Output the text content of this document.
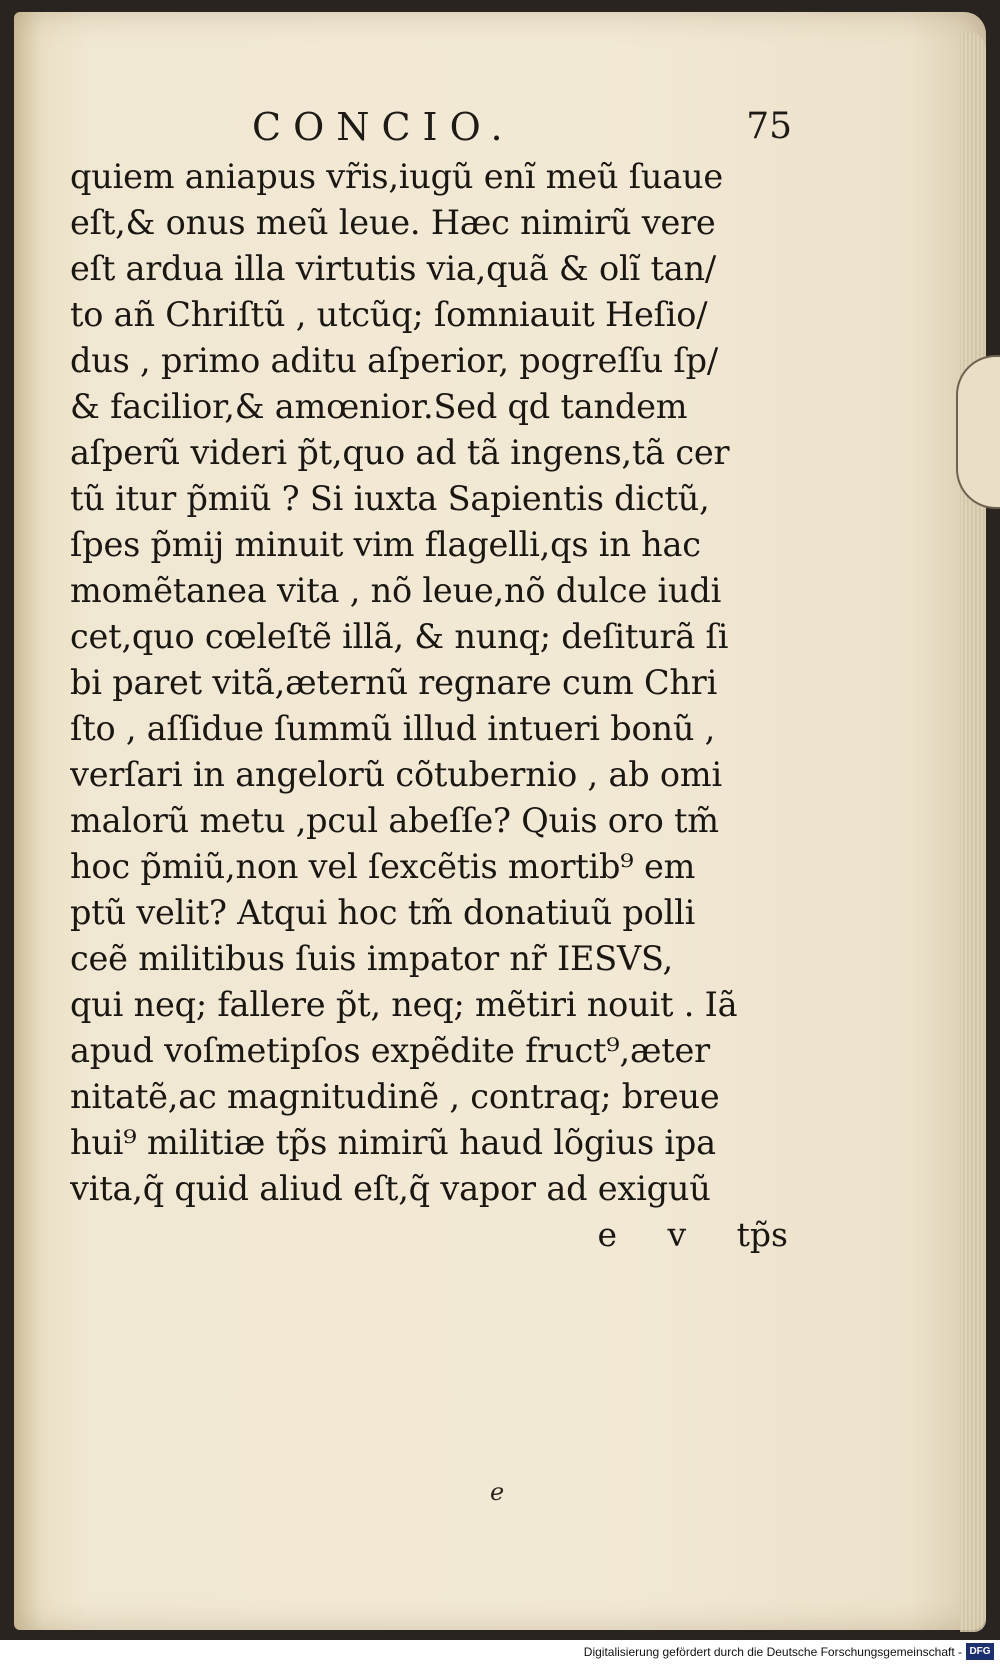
CONCIO.	75
quiem aniapus vr̃is,iugũ enĩ meũ ſuaue
eſt,& onus meũ leue. Hæc nimirũ vere
eſt ardua illa virtutis via,quã & olĩ tan/
to añ Chriſtũ , utcũq; ſomniauit Heſio/
dus , primo aditu aſperior, pogreſſu ſp/
& facilior,& amœnior.Sed qd tandem
aſperũ videri p̃t,quo ad tã ingens,tã cer
tũ itur p̃miũ ? Si iuxta Sapientis dictũ,
ſpes p̃mij minuit vim flagelli,qs in hac
momẽtanea vita , nõ leue,nõ dulce iudi
cet,quo cœleſtẽ illã, & nunq; deſiturã ſi
bi paret vitã,æternũ regnare cum Chri
ſto , aſſidue ſummũ illud intueri bonũ ,
verſari in angelorũ cõtubernio , ab omi
malorũ metu ,pcul abeſſe? Quis oro tm̃
hoc p̃miũ,non vel ſexcẽtis mortib⁹ em
ptũ velit? Atqui hoc tm̃ donatiuũ polli
ceẽ militibus ſuis impator nr̃ IESVS,
qui neq; fallere p̃t, neq; mẽtiri nouit . Iã
apud voſmetipſos expẽdite fruct⁹,æter
nitatẽ,ac magnitudinẽ , contraq; breue
hui⁹ militiæ tp̃s nimirũ haud lõgius ipa
vita,q̃ quid aliud eſt,q̃ vapor ad exiguũ
e v tp̃s
e
Digitalisierung gefördert durch die Deutsche Forschungsgemeinschaft - DFG
